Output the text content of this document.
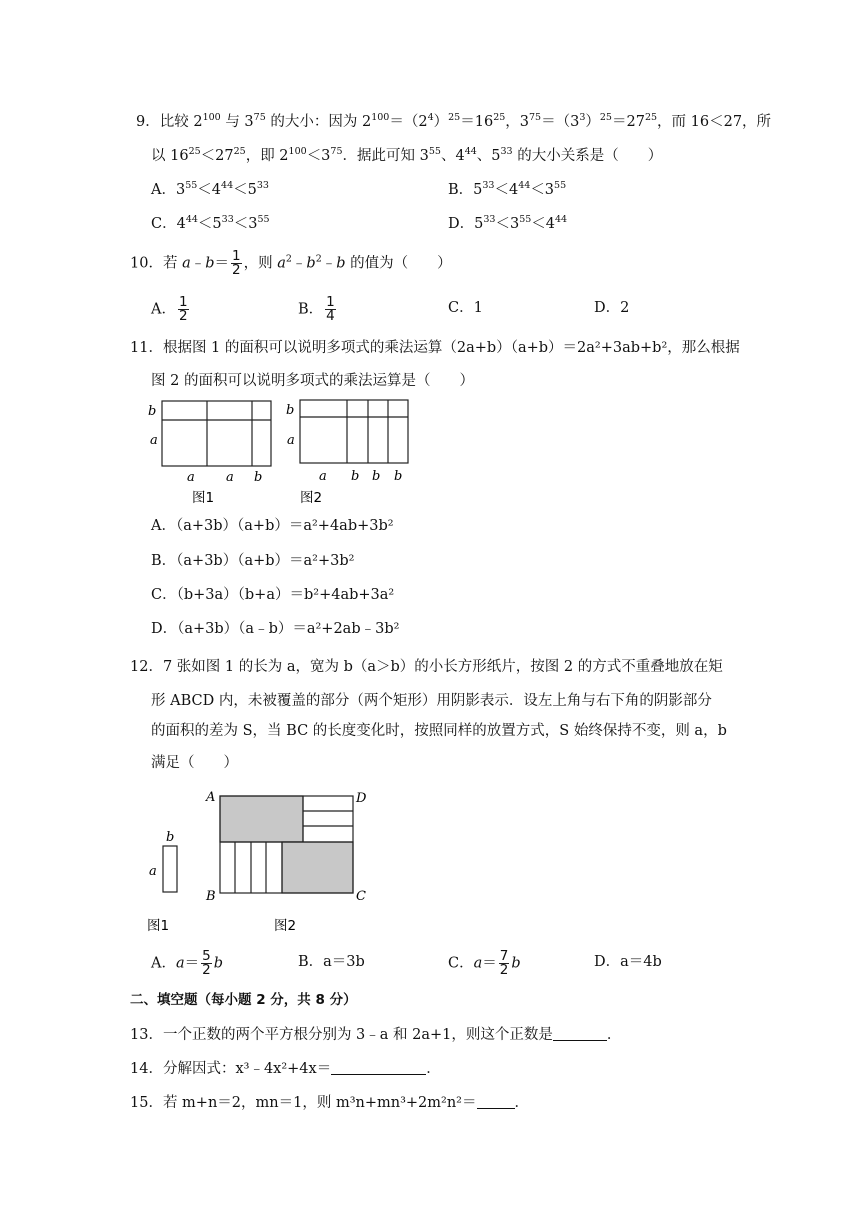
9．比较 $2^{100}$ 与 $3^{75}$ 的大小：因为 $2^{100}=(2^4)^{25}=16^{25}$，$3^{75}=(3^3)^{25}=27^{25}$，而 16＜27，所
以 $16^{25}<27^{25}$，即 $2^{100}<3^{75}$．据此可知 $3^{55}$、$4^{44}$、$5^{33}$ 的大小关系是（　　）
A．$3^{55}<4^{44}<5^{33}$	B．$5^{33}<4^{44}<3^{55}$
C．$4^{44}<5^{33}<3^{55}$	D．$5^{33}<3^{55}<4^{44}$
10．若 a﹣b＝ $\frac{1}{2}$ ，则 $a^2﹣b^2﹣b$ 的值为（　　）
A． $\frac{1}{2}$	B． $\frac{1}{4}$	C．1	D．2
11．根据图 1 的面积可以说明多项式的乘法运算（2a+b）（a+b）＝2a²+3ab+b²，那么根据
图 2 的面积可以说明多项式的乘法运算是（　　）
b
a
a a b
图1
b
a
a b b b
图2
A．（a+3b）（a+b）＝a²+4ab+3b²
B．（a+3b）（a+b）＝a²+3b²
C．（b+3a）（b+a）＝b²+4ab+3a²
D．（a+3b）（a﹣b）＝a²+2ab﹣3b²
12．7 张如图 1 的长为 a，宽为 b（a＞b）的小长方形纸片，按图 2 的方式不重叠地放在矩
形 ABCD 内，未被覆盖的部分（两个矩形）用阴影表示．设左上角与右下角的阴影部分
的面积的差为 S，当 BC 的长度变化时，按照同样的放置方式，S 始终保持不变，则 a，b
满足（　　）
b
a
图1
A	D
B	C
图2
A．$a= \frac{5}{2}$ b	B．a＝3b	C．$a= \frac{7}{2}$ b	D．a＝4b
二、填空题（每小题 2 分，共 8 分）
13．一个正数的两个平方根分别为 3﹣a 和 2a+1，则这个正数是	．
14．分解因式：x³﹣4x²+4x＝	．
15．若 m+n＝2，mn＝1，则 m³n+mn³+2m²n²＝	．
